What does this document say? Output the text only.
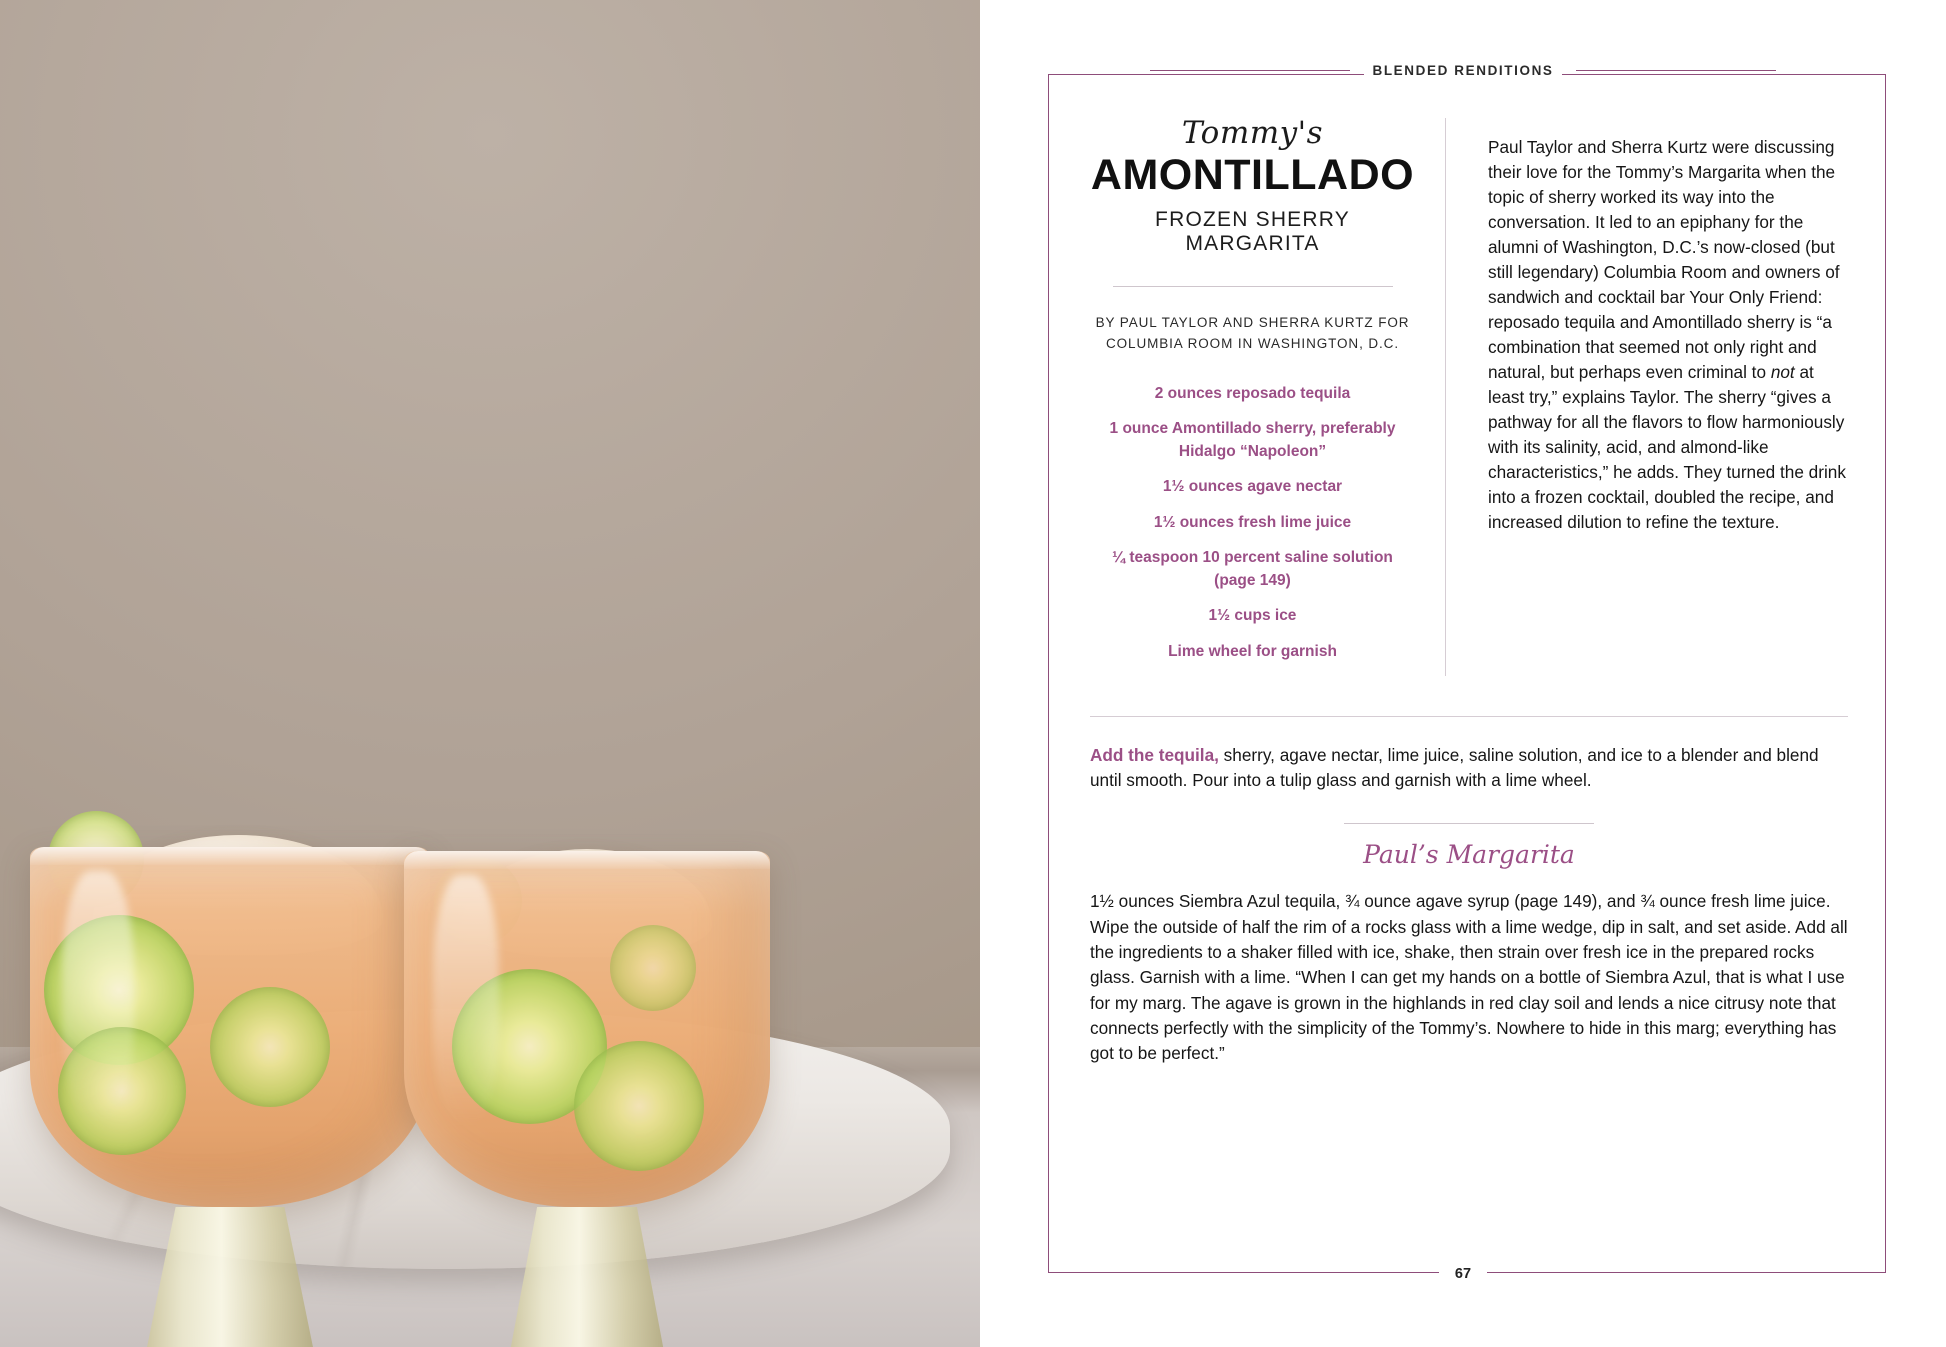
BLENDED RENDITIONS
Tommy's
AMONTILLADO
FROZEN SHERRY MARGARITA
BY PAUL TAYLOR AND SHERRA KURTZ FOR COLUMBIA ROOM IN WASHINGTON, D.C.
2 ounces reposado tequila
1 ounce Amontillado sherry, preferably Hidalgo “Napoleon”
1½ ounces agave nectar
1½ ounces fresh lime juice
¼ teaspoon 10 percent saline solution (page 149)
1½ cups ice
Lime wheel for garnish

Paul Taylor and Sherra Kurtz were discussing their love for the Tommy’s Margarita when the topic of sherry worked its way into the conversation. It led to an epiphany for the alumni of Washington, D.C.’s now-closed (but still legendary) Columbia Room and owners of sandwich and cocktail bar Your Only Friend: reposado tequila and Amontillado sherry is “a combination that seemed not only right and natural, but perhaps even criminal to not at least try,” explains Taylor. The sherry “gives a pathway for all the flavors to flow harmoniously with its salinity, acid, and almond-like characteristics,” he adds. They turned the drink into a frozen cocktail, doubled the recipe, and increased dilution to refine the texture.

Add the tequila, sherry, agave nectar, lime juice, saline solution, and ice to a blender and blend until smooth. Pour into a tulip glass and garnish with a lime wheel.

Paul’s Margarita

1½ ounces Siembra Azul tequila, ¾ ounce agave syrup (page 149), and ¾ ounce fresh lime juice. Wipe the outside of half the rim of a rocks glass with a lime wedge, dip in salt, and set aside. Add all the ingredients to a shaker filled with ice, shake, then strain over fresh ice in the prepared rocks glass. Garnish with a lime. “When I can get my hands on a bottle of Siembra Azul, that is what I use for my marg. The agave is grown in the highlands in red clay soil and lends a nice citrusy note that connects perfectly with the simplicity of the Tommy’s. Nowhere to hide in this marg; everything has got to be perfect.”

67
